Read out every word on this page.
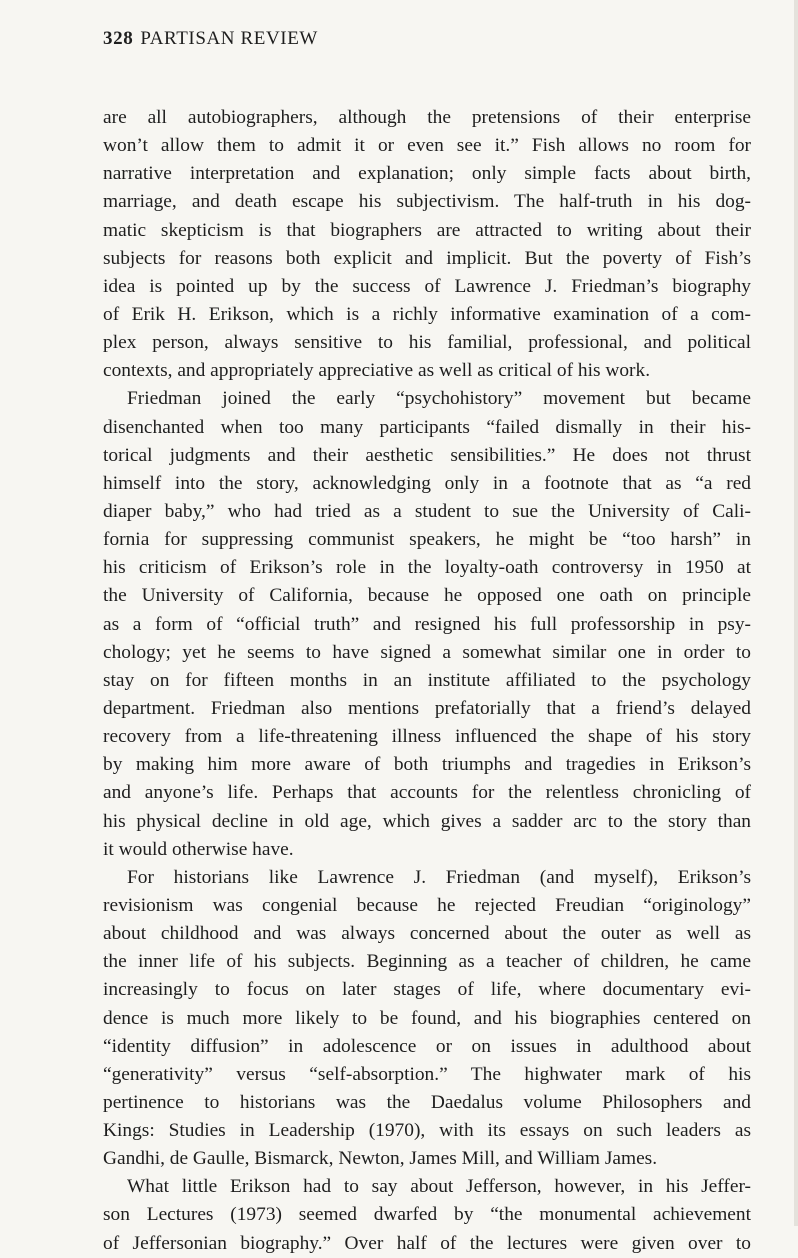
328 PARTISAN REVIEW
are all autobiographers, although the pretensions of their enterprise
won’t allow them to admit it or even see it.” Fish allows no room for
narrative interpretation and explanation; only simple facts about birth,
marriage, and death escape his subjectivism. The half-truth in his dog-
matic skepticism is that biographers are attracted to writing about their
subjects for reasons both explicit and implicit. But the poverty of Fish’s
idea is pointed up by the success of Lawrence J. Friedman’s biography
of Erik H. Erikson, which is a richly informative examination of a com-
plex person, always sensitive to his familial, professional, and political
contexts, and appropriately appreciative as well as critical of his work.
Friedman joined the early “psychohistory” movement but became
disenchanted when too many participants “failed dismally in their his-
torical judgments and their aesthetic sensibilities.” He does not thrust
himself into the story, acknowledging only in a footnote that as “a red
diaper baby,” who had tried as a student to sue the University of Cali-
fornia for suppressing communist speakers, he might be “too harsh” in
his criticism of Erikson’s role in the loyalty-oath controversy in 1950 at
the University of California, because he opposed one oath on principle
as a form of “official truth” and resigned his full professorship in psy-
chology; yet he seems to have signed a somewhat similar one in order to
stay on for fifteen months in an institute affiliated to the psychology
department. Friedman also mentions prefatorially that a friend’s delayed
recovery from a life-threatening illness influenced the shape of his story
by making him more aware of both triumphs and tragedies in Erikson’s
and anyone’s life. Perhaps that accounts for the relentless chronicling of
his physical decline in old age, which gives a sadder arc to the story than
it would otherwise have.
For historians like Lawrence J. Friedman (and myself), Erikson’s
revisionism was congenial because he rejected Freudian “originology”
about childhood and was always concerned about the outer as well as
the inner life of his subjects. Beginning as a teacher of children, he came
increasingly to focus on later stages of life, where documentary evi-
dence is much more likely to be found, and his biographies centered on
“identity diffusion” in adolescence or on issues in adulthood about
“generativity” versus “self-absorption.” The highwater mark of his
pertinence to historians was the Daedalus volume Philosophers and
Kings: Studies in Leadership (1970), with its essays on such leaders as
Gandhi, de Gaulle, Bismarck, Newton, James Mill, and William James.
What little Erikson had to say about Jefferson, however, in his Jeffer-
son Lectures (1973) seemed dwarfed by “the monumental achievement
of Jeffersonian biography.” Over half of the lectures were given over to
